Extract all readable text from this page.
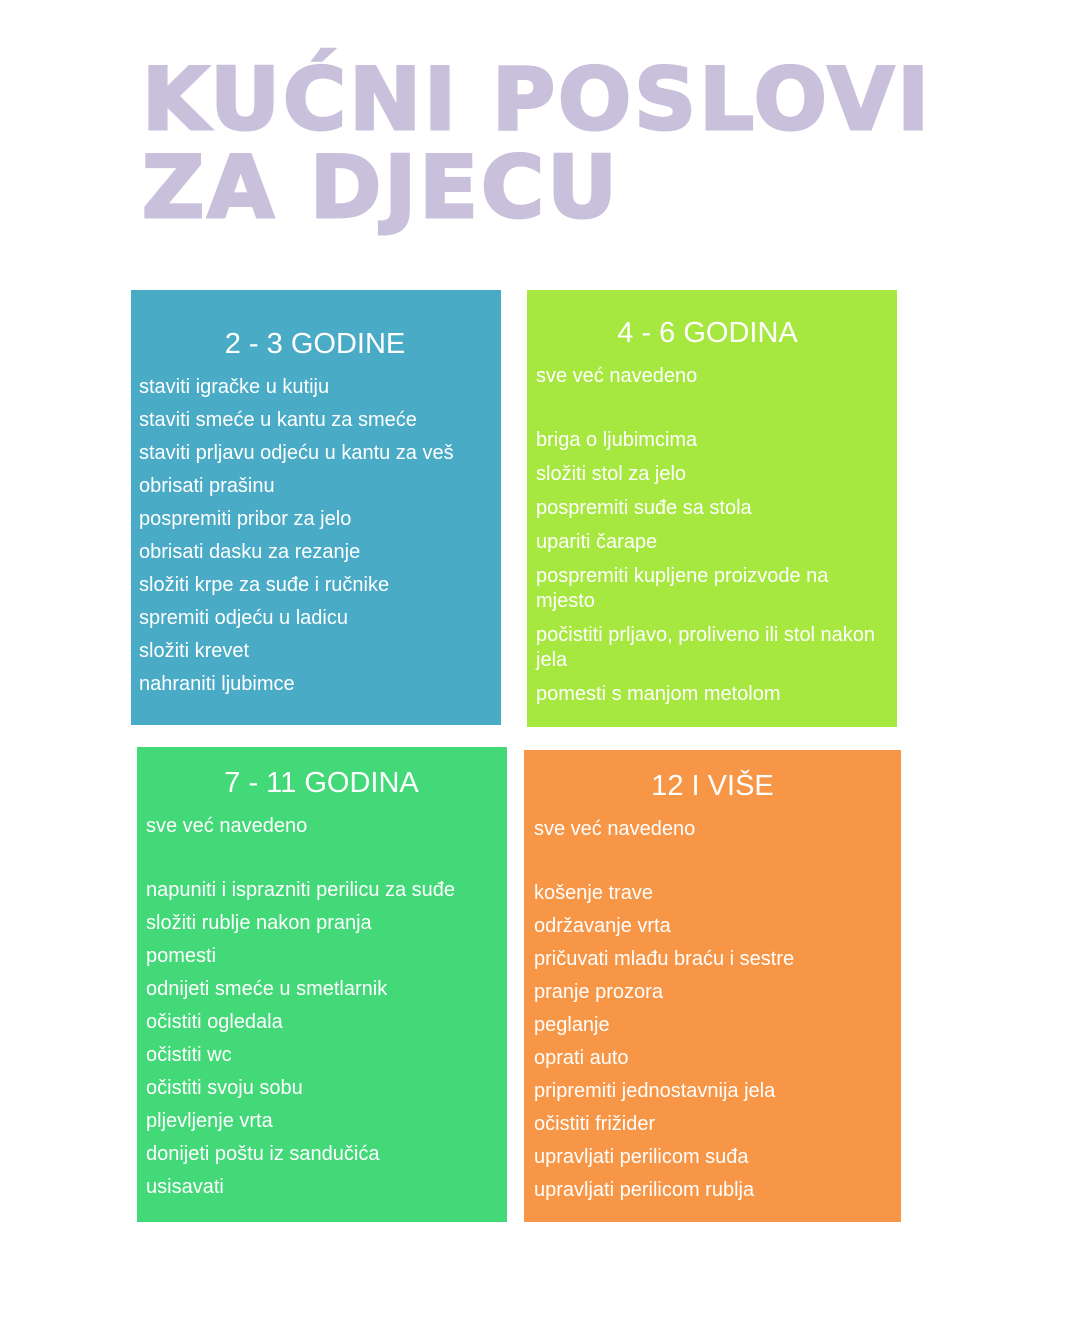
KUĆNI POSLOVI
ZA DJECU
2 - 3 GODINE
staviti igračke u kutiju
staviti smeće u kantu za smeće
staviti prljavu odjeću u kantu za veš
obrisati prašinu
pospremiti pribor za jelo
obrisati dasku za rezanje
složiti krpe za suđe i ručnike
spremiti odjeću u ladicu
složiti krevet
nahraniti ljubimce
4 - 6 GODINA
sve već navedeno
briga o ljubimcima
složiti stol za jelo
pospremiti suđe sa stola
upariti čarape
pospremiti kupljene proizvode na mjesto
počistiti prljavo, proliveno ili stol nakon jela
pomesti s manjom metolom
7 - 11 GODINA
sve već navedeno
napuniti i isprazniti perilicu za suđe
složiti rublje nakon pranja
pomesti
odnijeti smeće u smetlarnik
očistiti ogledala
očistiti wc
očistiti svoju sobu
pljevljenje vrta
donijeti poštu iz sandučića
usisavati
12 I VIŠE
sve već navedeno
košenje trave
održavanje vrta
pričuvati mlađu braću i sestre
pranje prozora
peglanje
oprati auto
pripremiti jednostavnija jela
očistiti frižider
upravljati perilicom suđa
upravljati perilicom rublja
